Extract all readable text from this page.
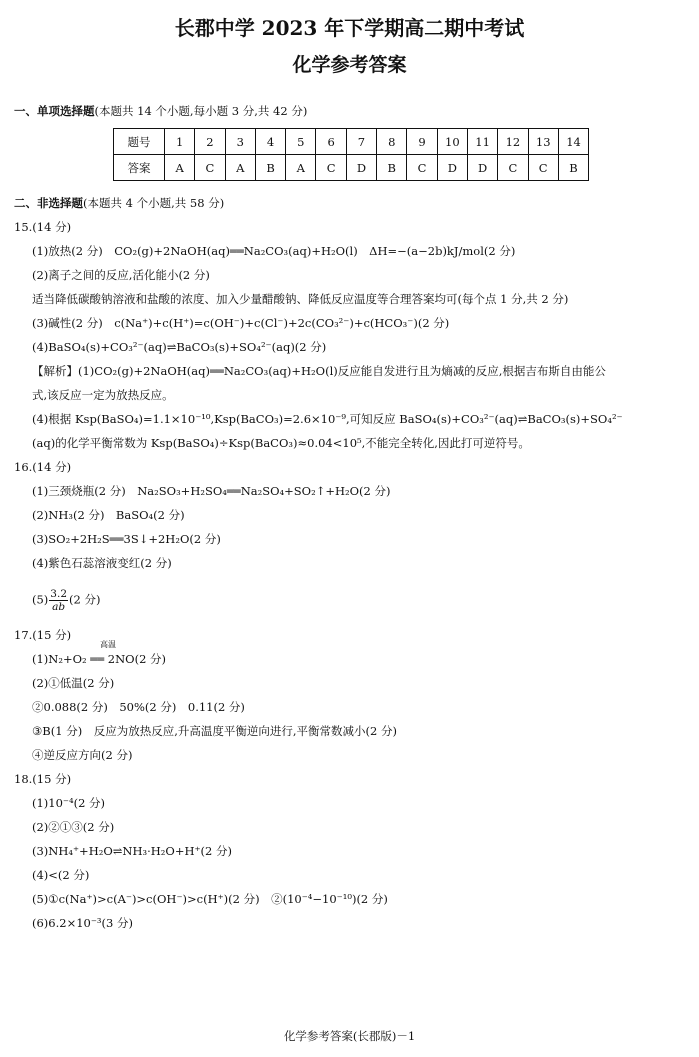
长郡中学 2023 年下学期高二期中考试
化学参考答案
一、单项选择题(本题共 14 个小题,每小题 3 分,共 42 分)
题号	1	2	3	4	5	6	7	8	9	10	11	12	13	14
答案	A	C	A	B	A	C	D	B	C	D	D	C	C	B
二、非选择题(本题共 4 个小题,共 58 分)
15.(14 分)
(1)放热(2 分)　CO₂(g)+2NaOH(aq)══Na₂CO₃(aq)+H₂O(l)　ΔH=−(a−2b)kJ/mol(2 分)
(2)离子之间的反应,活化能小(2 分)
适当降低碳酸钠溶液和盐酸的浓度、加入少量醋酸钠、降低反应温度等合理答案均可(每个点 1 分,共 2 分)
(3)碱性(2 分)　c(Na⁺)+c(H⁺)=c(OH⁻)+c(Cl⁻)+2c(CO₃²⁻)+c(HCO₃⁻)(2 分)
(4)BaSO₄(s)+CO₃²⁻(aq)⇌BaCO₃(s)+SO₄²⁻(aq)(2 分)
【解析】(1)CO₂(g)+2NaOH(aq)══Na₂CO₃(aq)+H₂O(l)反应能自发进行且为熵减的反应,根据吉布斯自由能公
式,该反应一定为放热反应。
(4)根据 Ksp(BaSO₄)=1.1×10⁻¹⁰,Ksp(BaCO₃)=2.6×10⁻⁹,可知反应 BaSO₄(s)+CO₃²⁻(aq)⇌BaCO₃(s)+SO₄²⁻
(aq)的化学平衡常数为 Ksp(BaSO₄)÷Ksp(BaCO₃)≈0.04<10⁵,不能完全转化,因此打可逆符号。
16.(14 分)
(1)三颈烧瓶(2 分)　Na₂SO₃+H₂SO₄══Na₂SO₄+SO₂↑+H₂O(2 分)
(2)NH₃(2 分)　BaSO₄(2 分)
(3)SO₂+2H₂S══3S↓+2H₂O(2 分)
(4)紫色石蕊溶液变红(2 分)
$(5) \frac{3.2}{ab} (2$ 分)
17.(15 分)
(1)N₂+O₂ ══ 2NO(2 分)
高温
(2)①低温(2 分)
②0.088(2 分)　50%(2 分)　0.11(2 分)
③B(1 分)　反应为放热反应,升高温度平衡逆向进行,平衡常数减小(2 分)
④逆反应方向(2 分)
18.(15 分)
(1)10⁻⁴(2 分)
(2)②①③(2 分)
(3)NH₄⁺+H₂O⇌NH₃·H₂O+H⁺(2 分)
(4)<(2 分)
(5)①c(Na⁺)>c(A⁻)>c(OH⁻)>c(H⁺)(2 分)　②(10⁻⁴−10⁻¹⁰)(2 分)
(6)6.2×10⁻³(3 分)
化学参考答案(长郡版)－1
